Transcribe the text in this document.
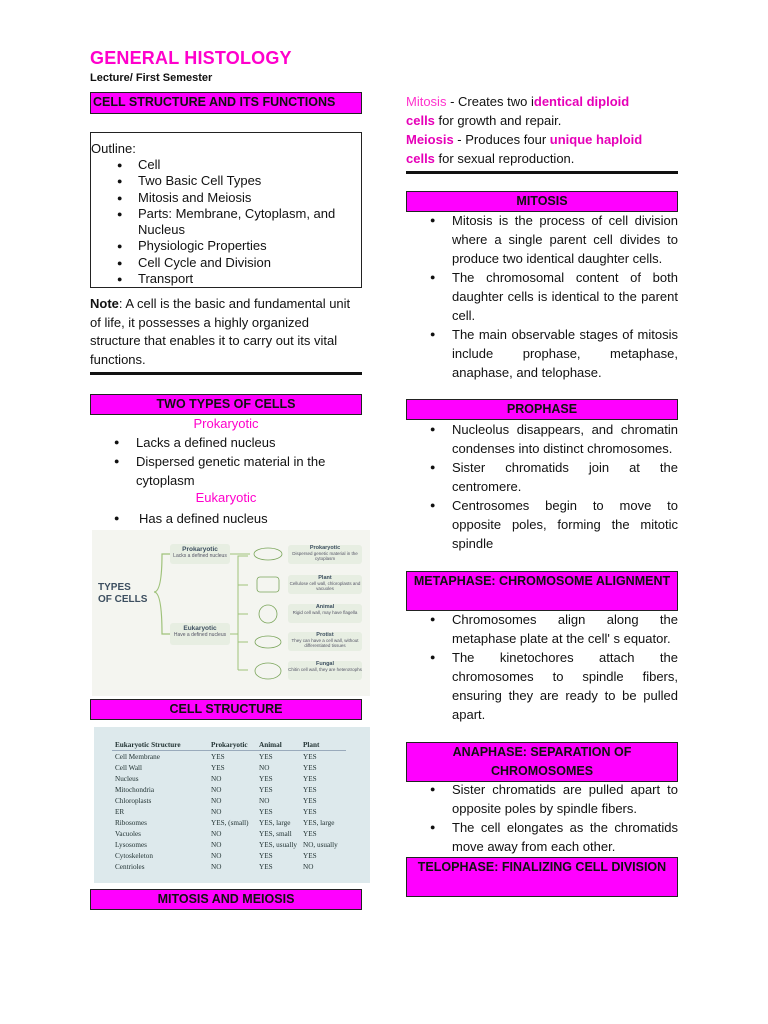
GENERAL HISTOLOGY
Lecture/ First Semester
CELL STRUCTURE AND ITS FUNCTIONS
Outline:
● Cell
● Two Basic Cell Types
● Mitosis and Meiosis
● Parts: Membrane, Cytoplasm, and Nucleus
● Physiologic Properties
● Cell Cycle and Division
● Transport
Note: A cell is the basic and fundamental unit of life, it possesses a highly organized structure that enables it to carry out its vital functions.
TWO TYPES OF CELLS
Prokaryotic
● Lacks a defined nucleus
● Dispersed genetic material in the cytoplasm
Eukaryotic
● Has a defined nucleus
TYPES
OF CELLS
Prokaryotic
Lacks a defined nucleus
Eukaryotic
Have a defined nucleus
Prokaryotic
Dispersed genetic material in the cytoplasm
Plant
Cellulose cell wall, chloroplasts and vacuoles
Animal
Rigid cell wall, may have flagella
Protist
They can have a cell wall, without differentiated tissues
Fungal
Chitin cell wall, they are heterotrophs
CELL STRUCTURE
Eukaryotic Structure	Prokaryotic	Animal	Plant
Cell Membrane	YES	YES	YES
Cell Wall	YES	NO	YES
Nucleus	NO	YES	YES
Mitochondria	NO	YES	YES
Chloroplasts	NO	NO	YES
ER	NO	YES	YES
Ribosomes	YES, (small)	YES, large	YES, large
Vacuoles	NO	YES, small	YES
Lysosomes	NO	YES, usually	NO, usually
Cytoskeleton	NO	YES	YES
Centrioles	NO	YES	NO
MITOSIS AND MEIOSIS
Mitosis - Creates two identical diploid
cells for growth and repair.
Meiosis - Produces four unique haploid
cells for sexual reproduction.
MITOSIS
● Mitosis is the process of cell division where a single parent cell divides to produce two identical daughter cells.
● The chromosomal content of both daughter cells is identical to the parent cell.
● The main observable stages of mitosis include prophase, metaphase, anaphase, and telophase.
PROPHASE
● Nucleolus disappears, and chromatin condenses into distinct chromosomes.
● Sister chromatids join at the centromere.
● Centrosomes begin to move to opposite poles, forming the mitotic spindle
METAPHASE: CHROMOSOME ALIGNMENT
● Chromosomes align along the metaphase plate at the cell' s equator.
● The kinetochores attach the chromosomes to spindle fibers, ensuring they are ready to be pulled apart.
ANAPHASE: SEPARATION OF CHROMOSOMES
● Sister chromatids are pulled apart to opposite poles by spindle fibers.
● The cell elongates as the chromatids move away from each other.
TELOPHASE: FINALIZING CELL DIVISION
